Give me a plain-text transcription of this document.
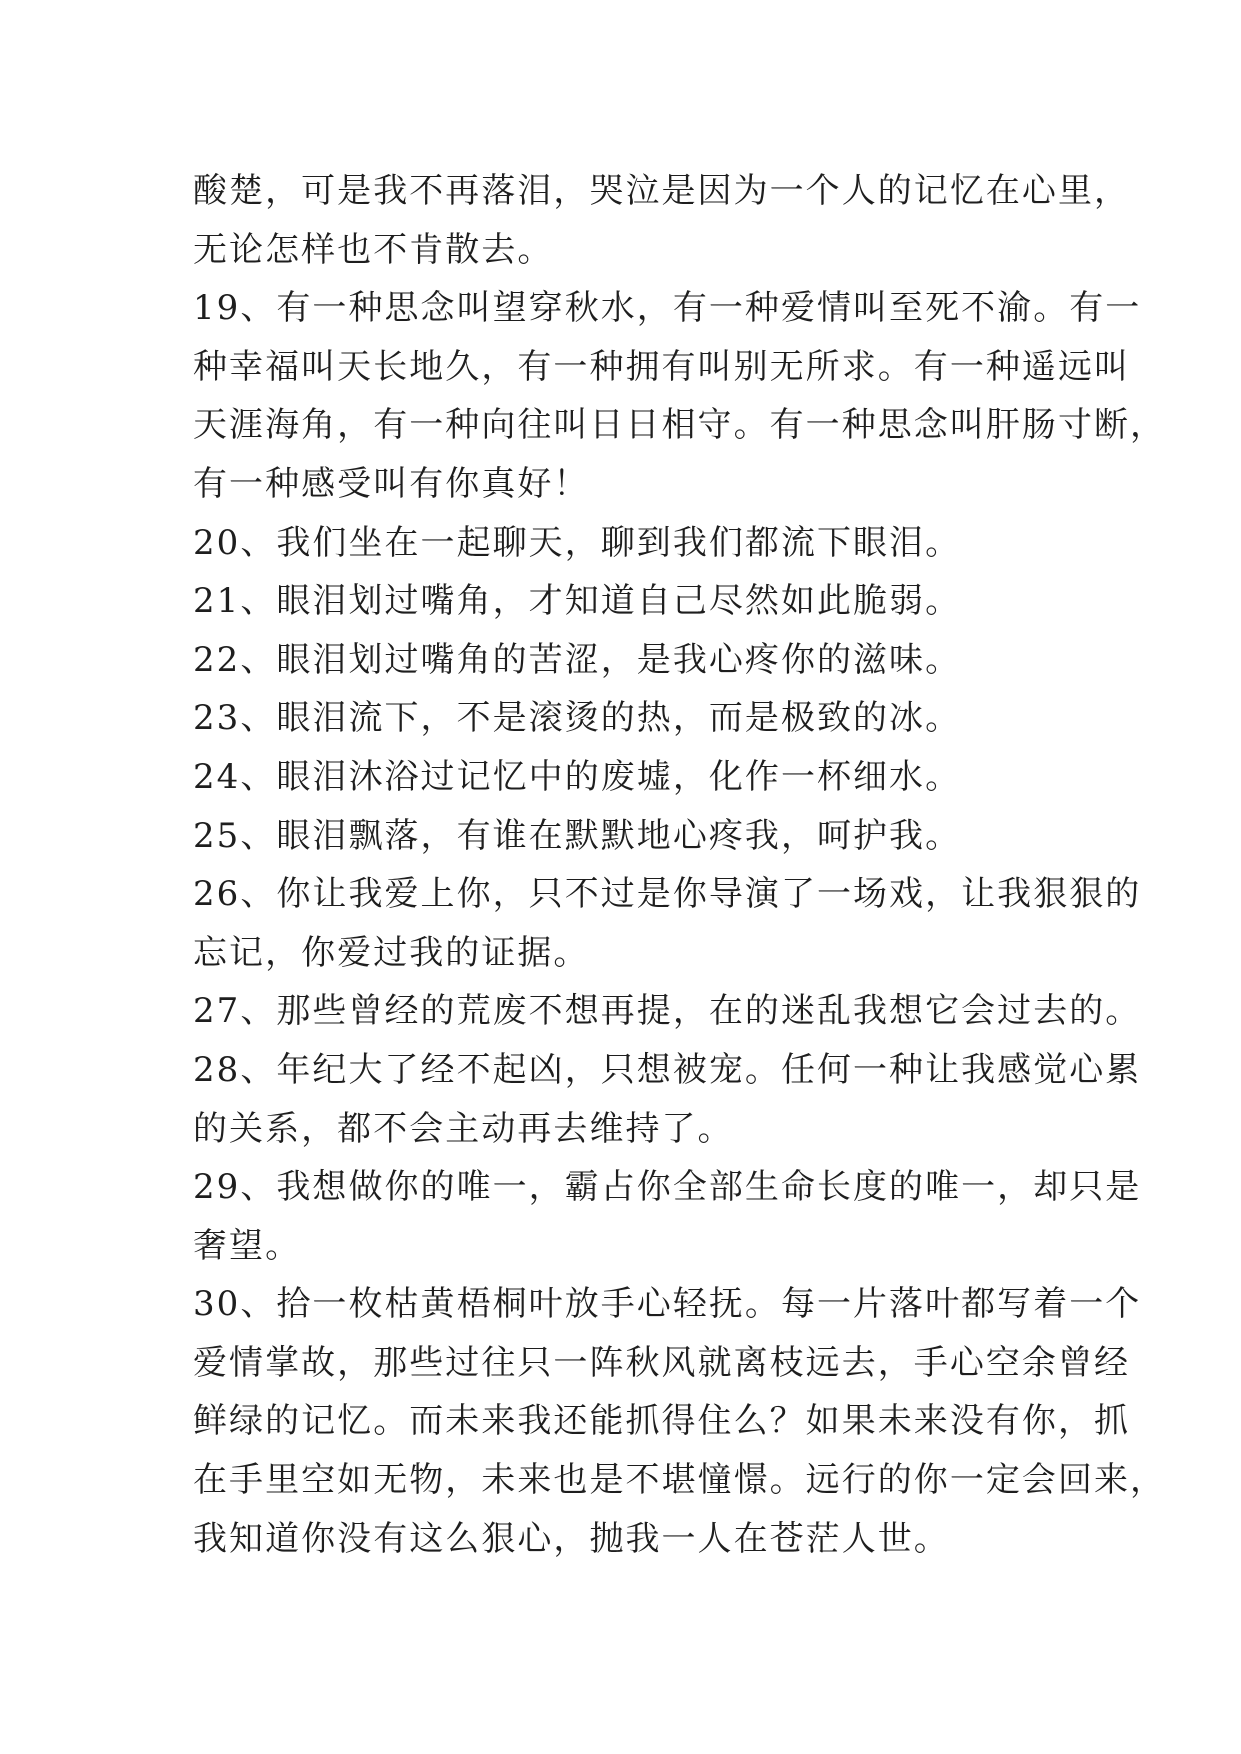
酸楚，可是我不再落泪，哭泣是因为一个人的记忆在心里，
无论怎样也不肯散去。
19、有一种思念叫望穿秋水，有一种爱情叫至死不渝。有一
种幸福叫天长地久，有一种拥有叫别无所求。有一种遥远叫
天涯海角，有一种向往叫日日相守。有一种思念叫肝肠寸断，
有一种感受叫有你真好！
20、我们坐在一起聊天，聊到我们都流下眼泪。
21、眼泪划过嘴角，才知道自己尽然如此脆弱。
22、眼泪划过嘴角的苦涩，是我心疼你的滋味。
23、眼泪流下，不是滚烫的热，而是极致的冰。
24、眼泪沐浴过记忆中的废墟，化作一杯细水。
25、眼泪飘落，有谁在默默地心疼我，呵护我。
26、你让我爱上你，只不过是你导演了一场戏，让我狠狠的
忘记，你爱过我的证据。
27、那些曾经的荒废不想再提，在的迷乱我想它会过去的。
28、年纪大了经不起凶，只想被宠。任何一种让我感觉心累
的关系，都不会主动再去维持了。
29、我想做你的唯一，霸占你全部生命长度的唯一，却只是
奢望。
30、拾一枚枯黄梧桐叶放手心轻抚。每一片落叶都写着一个
爱情掌故，那些过往只一阵秋风就离枝远去，手心空余曾经
鲜绿的记忆。而未来我还能抓得住么？如果未来没有你，抓
在手里空如无物，未来也是不堪憧憬。远行的你一定会回来，
我知道你没有这么狠心，抛我一人在苍茫人世。
